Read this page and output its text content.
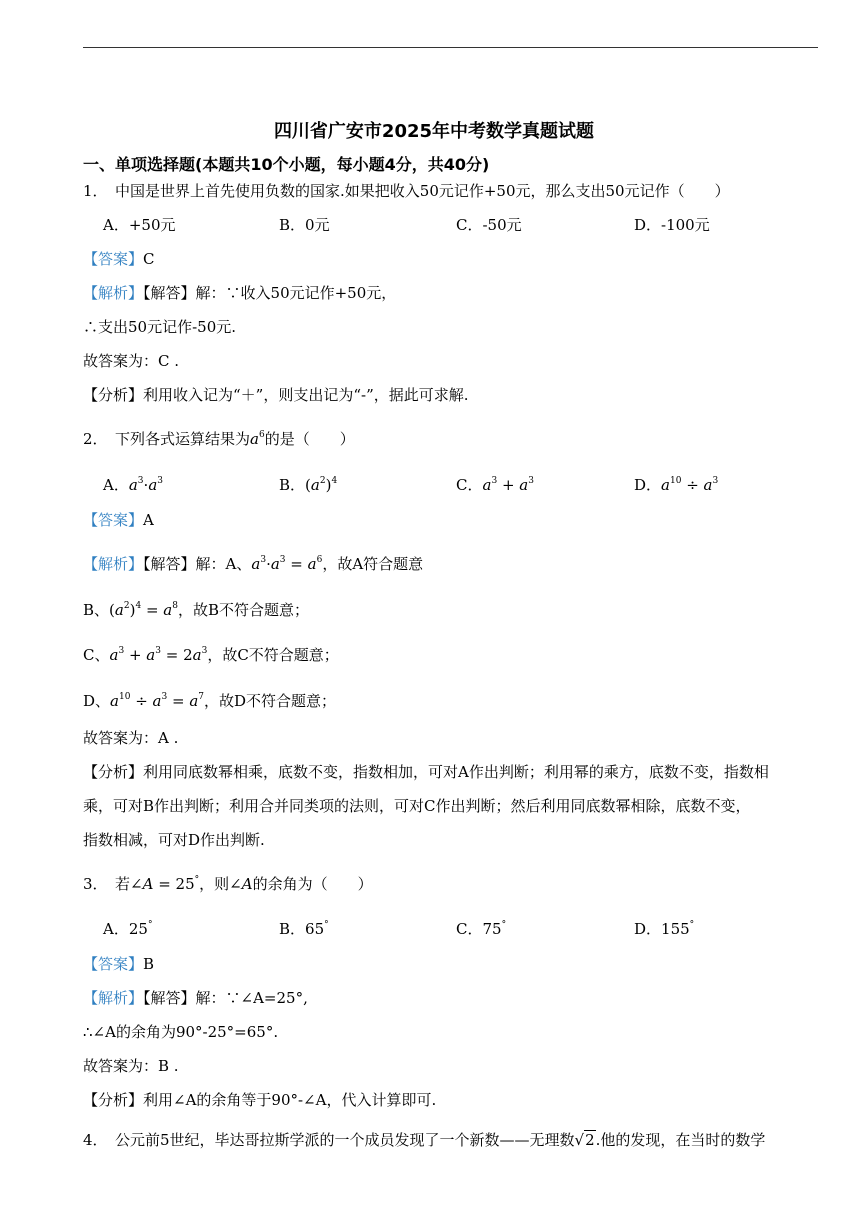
四川省广安市2025年中考数学真题试题
一、单项选择题(本题共10个小题，每小题4分，共40分)
1． 中国是世界上首先使用负数的国家.如果把收入50元记作+50元，那么支出50元记作（　　）
A．+50元	B．0元	C．-50元	D．-100元
【答案】C
【解析】【解答】解：∵收入50元记作+50元，
∴支出50元记作-50元.
故答案为：C .
【分析】利用收入记为“＋”，则支出记为“-”，据此可求解.
2． 下列各式运算结果为$a^6$的是（　　）
A．$a^3\cdot a^3$	B．$(a^2)^4$	C．$a^3 + a^3$	D．$a^{10} \div a^3$
【答案】A
【解析】【解答】解：A、$a^3\cdot a^3 = a^6$，故A符合题意
B、$(a^2)^4 = a^8$，故B不符合题意；
C、$a^3 + a^3 = 2a^3$，故C不符合题意；
D、$a^{10} \div a^3 = a^7$，故D不符合题意；
故答案为：A .
【分析】利用同底数幂相乘，底数不变，指数相加，可对A作出判断；利用幂的乘方，底数不变，指数相
乘，可对B作出判断；利用合并同类项的法则，可对C作出判断；然后利用同底数幂相除，底数不变，
指数相减，可对D作出判断.
3． 若∠A = 25°，则∠A的余角为（　　）
A．25°	B．65°	C．75°	D．155°
【答案】B
【解析】【解答】解：∵∠A=25°,
∴∠A的余角为90°-25°=65°.
故答案为：B .
【分析】利用∠A的余角等于90°-∠A，代入计算即可.
4． 公元前5世纪，毕达哥拉斯学派的一个成员发现了一个新数——无理数√2.他的发现，在当时的数学
